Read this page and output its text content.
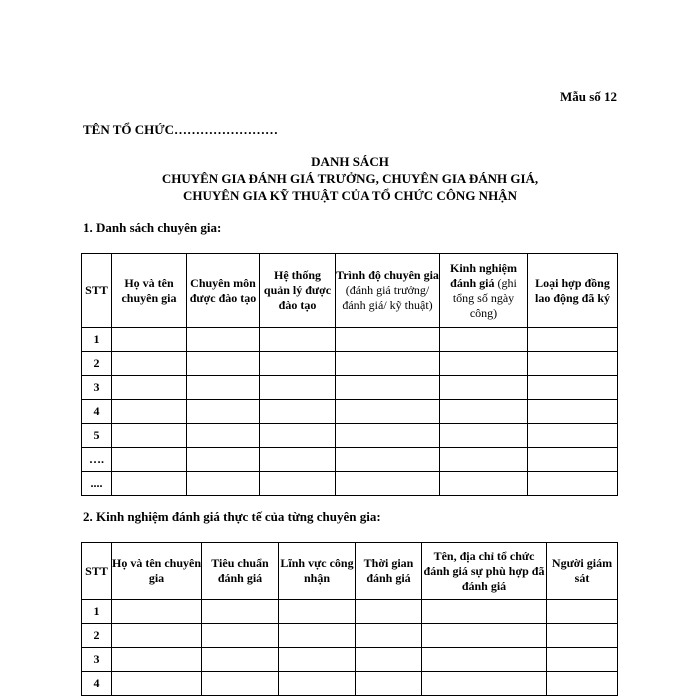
Mẫu số 12
TÊN TỔ CHỨC……………………
DANH SÁCH
CHUYÊN GIA ĐÁNH GIÁ TRƯỞNG, CHUYÊN GIA ĐÁNH GIÁ,
CHUYÊN GIA KỸ THUẬT CỦA TỔ CHỨC CÔNG NHẬN
1. Danh sách chuyên gia:
STT	Họ và tên chuyên gia	Chuyên môn được đào tạo	Hệ thống quản lý được đào tạo	Trình độ chuyên gia (đánh giá trưởng/đánh giá/ kỹ thuật)	Kinh nghiệm đánh giá (ghi tổng số ngày công)	Loại hợp đồng lao động đã ký
1						
2						
3						
4						
5						
….						
....						
2. Kinh nghiệm đánh giá thực tế của từng chuyên gia:
STT	Họ và tên chuyên gia	Tiêu chuẩn đánh giá	Lĩnh vực công nhận	Thời gian đánh giá	Tên, địa chỉ tổ chức đánh giá sự phù hợp đã đánh giá	Người giám sát
1						
2						
3						
4						
